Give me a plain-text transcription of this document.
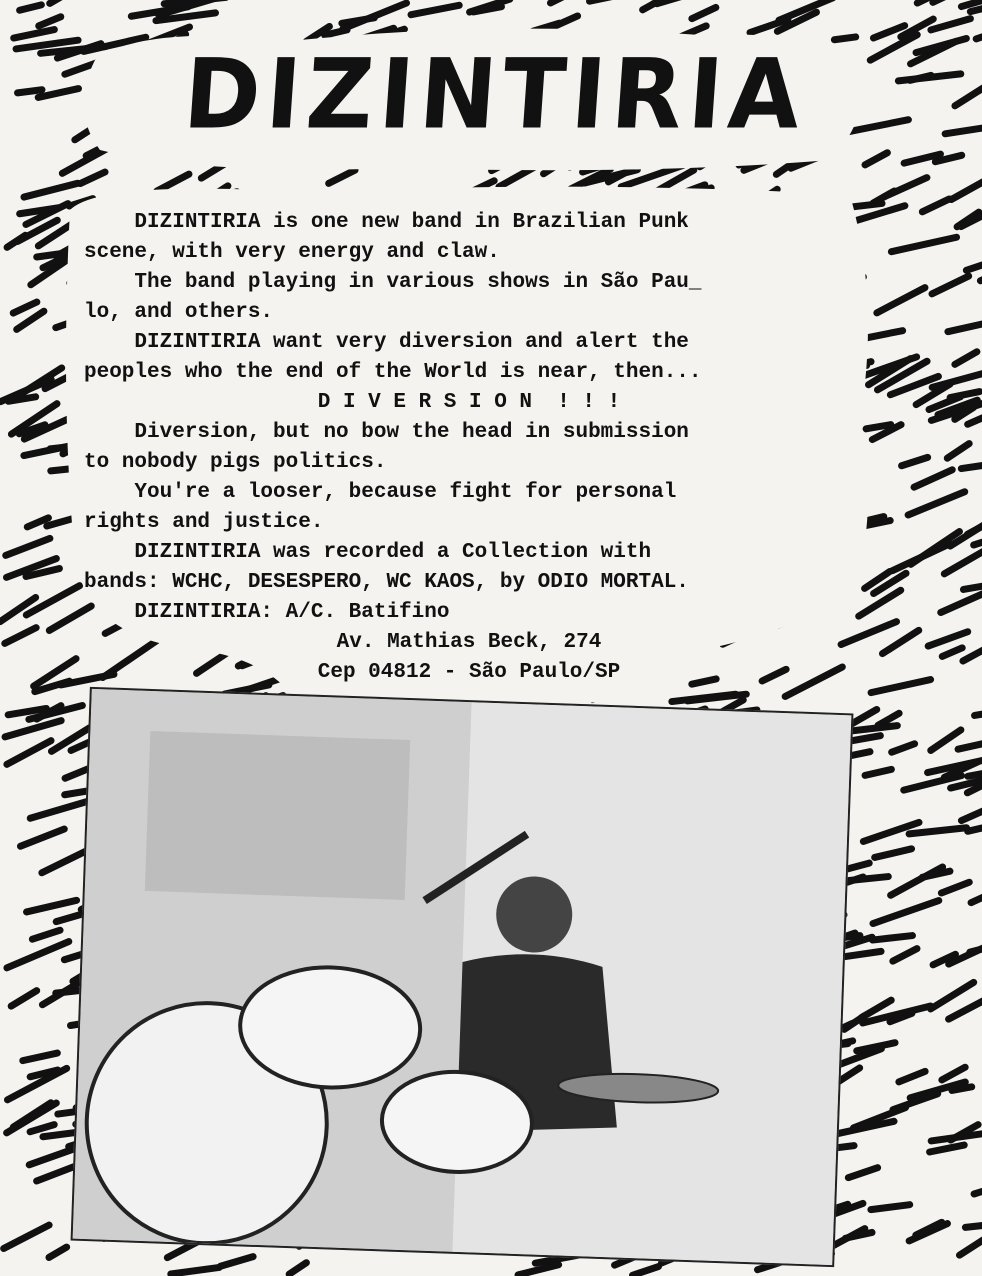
DIZINTIRIA

DIZINTIRIA is one new band in Brazilian Punk

scene, with very energy and claw.

The band playing in various shows in São Pau_

lo, and others.

DIZINTIRIA want very diversion and alert the

peoples who the end of the World is near, then...

D I V E R S I O N  ! ! !

Diversion, but no bow the head in submission

to nobody pigs politics.

You're a looser, because fight for personal

rights and justice.

DIZINTIRIA was recorded a Collection with

bands: WCHC, DESESPERO, WC KAOS, by ODIO MORTAL.

DIZINTIRIA: A/C. Batifino

Av. Mathias Beck, 274

Cep 04812 - São Paulo/SP
